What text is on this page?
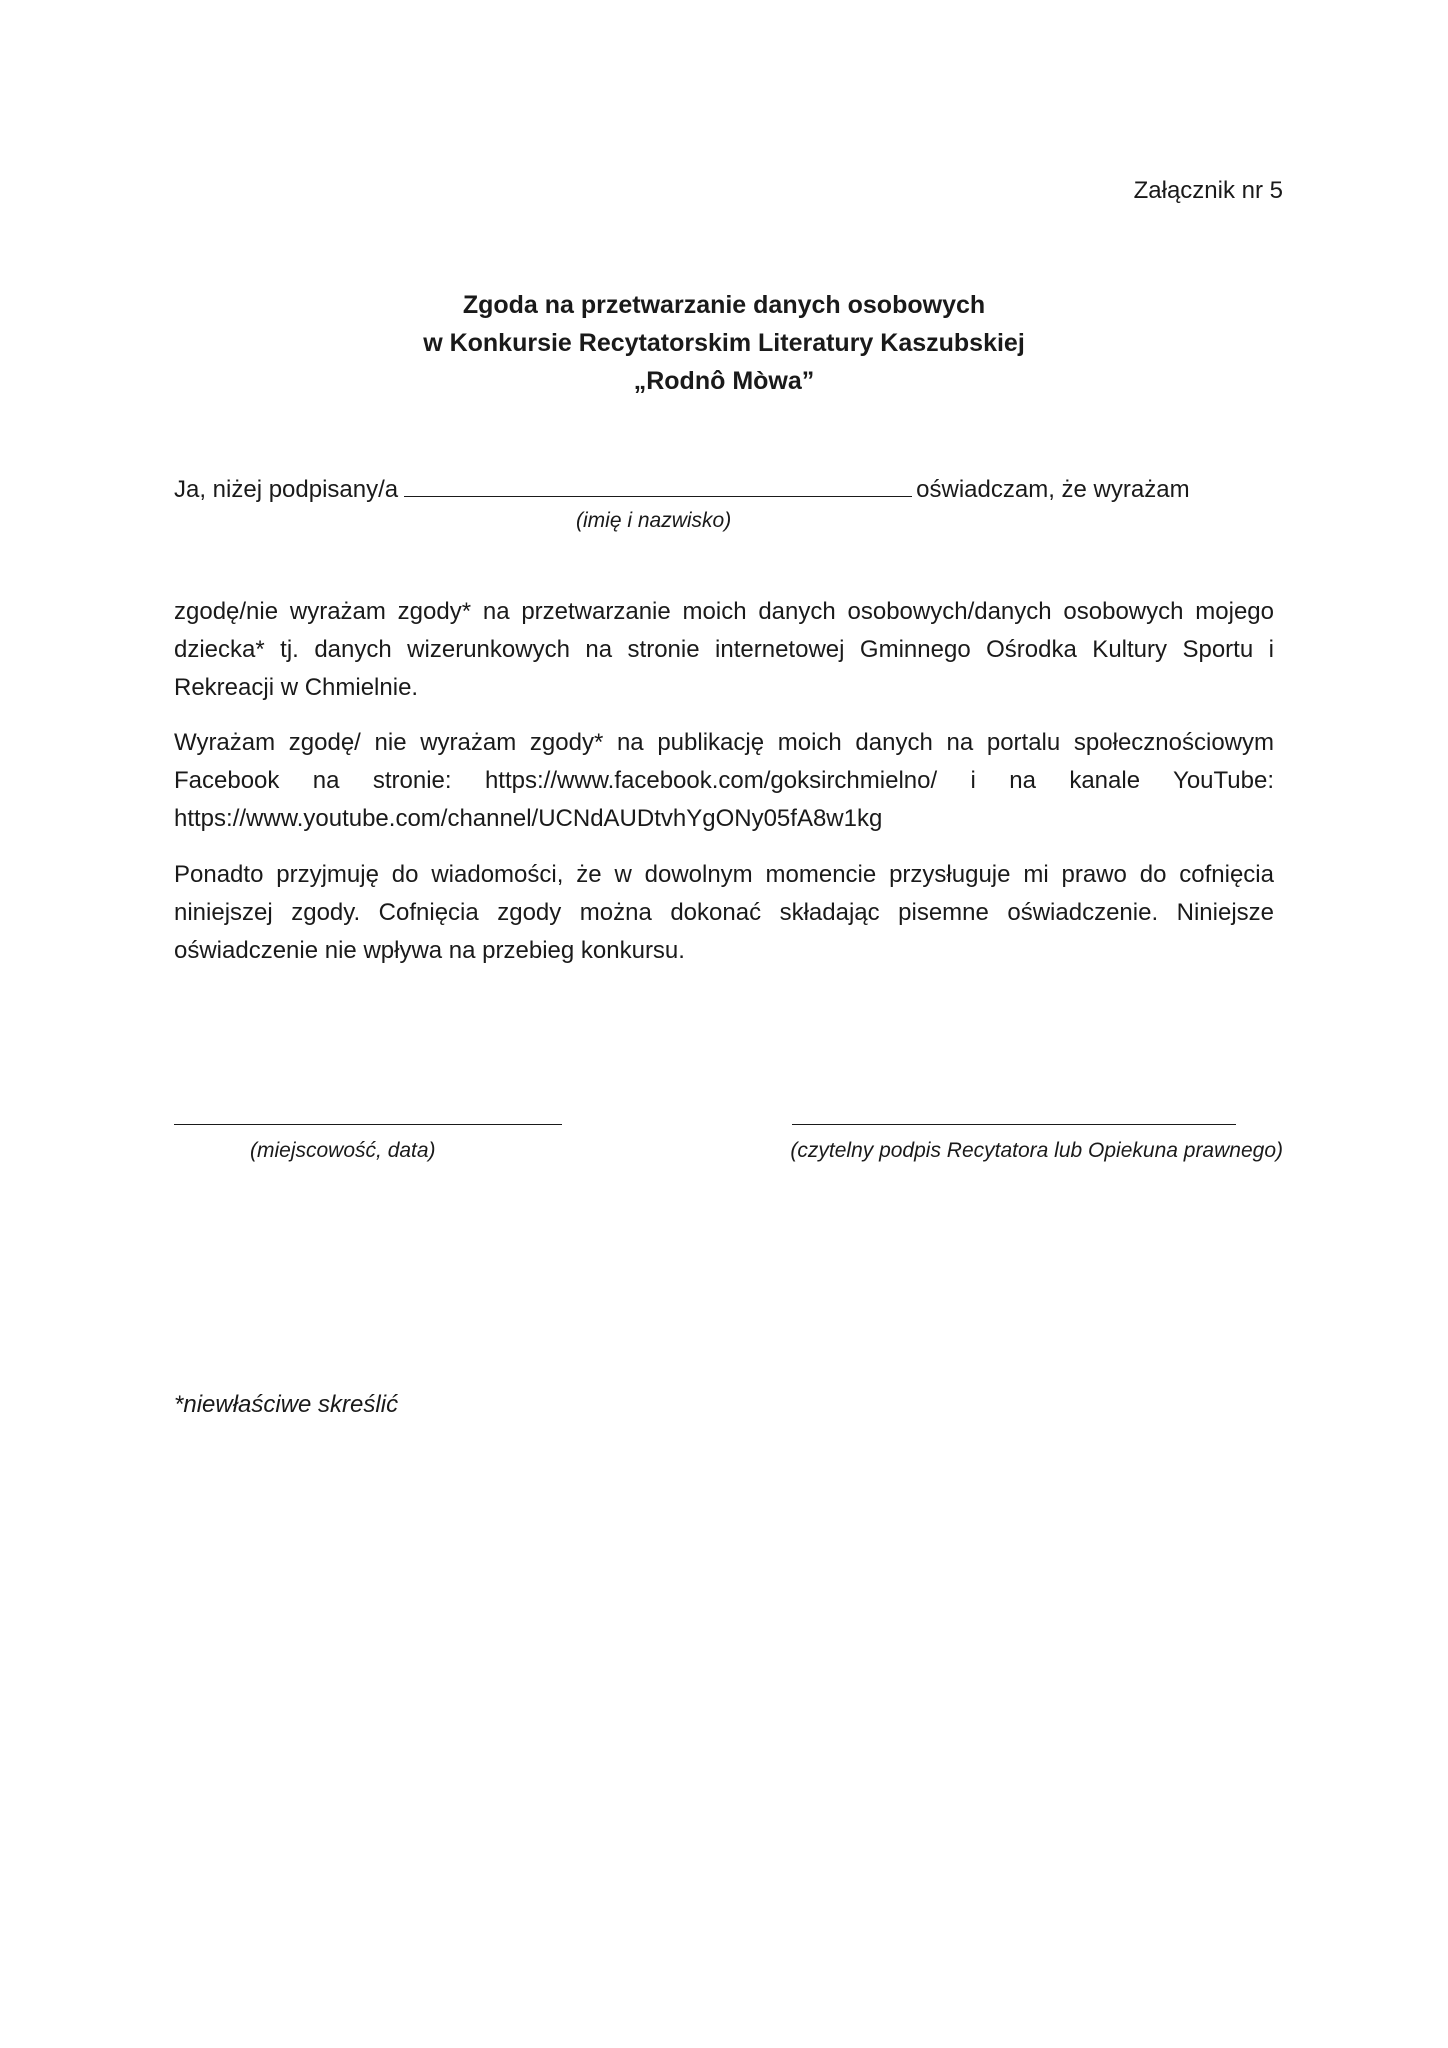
Załącznik nr 5
Zgoda na przetwarzanie danych osobowych
w Konkursie Recytatorskim Literatury Kaszubskiej
„Rodnô Mòwa”
Ja, niżej podpisany/a	oświadczam, że wyrażam
(imię i nazwisko)
zgodę/nie wyrażam zgody* na przetwarzanie moich danych osobowych/danych osobowych mojego dziecka* tj. danych wizerunkowych na stronie internetowej Gminnego Ośrodka Kultury Sportu i Rekreacji w Chmielnie.
Wyrażam zgodę/ nie wyrażam zgody* na publikację moich danych na portalu społecznościowym Facebook na stronie: https://www.facebook.com/goksirchmielno/ i na kanale YouTube: https://www.youtube.com/channel/UCNdAUDtvhYgONy05fA8w1kg
Ponadto przyjmuję do wiadomości, że w dowolnym momencie przysługuje mi prawo do cofnięcia niniejszej zgody. Cofnięcia zgody można dokonać składając pisemne oświadczenie. Niniejsze oświadczenie nie wpływa na przebieg konkursu.
(miejscowość, data)	(czytelny podpis Recytatora lub Opiekuna prawnego)
*niewłaściwe skreślić
